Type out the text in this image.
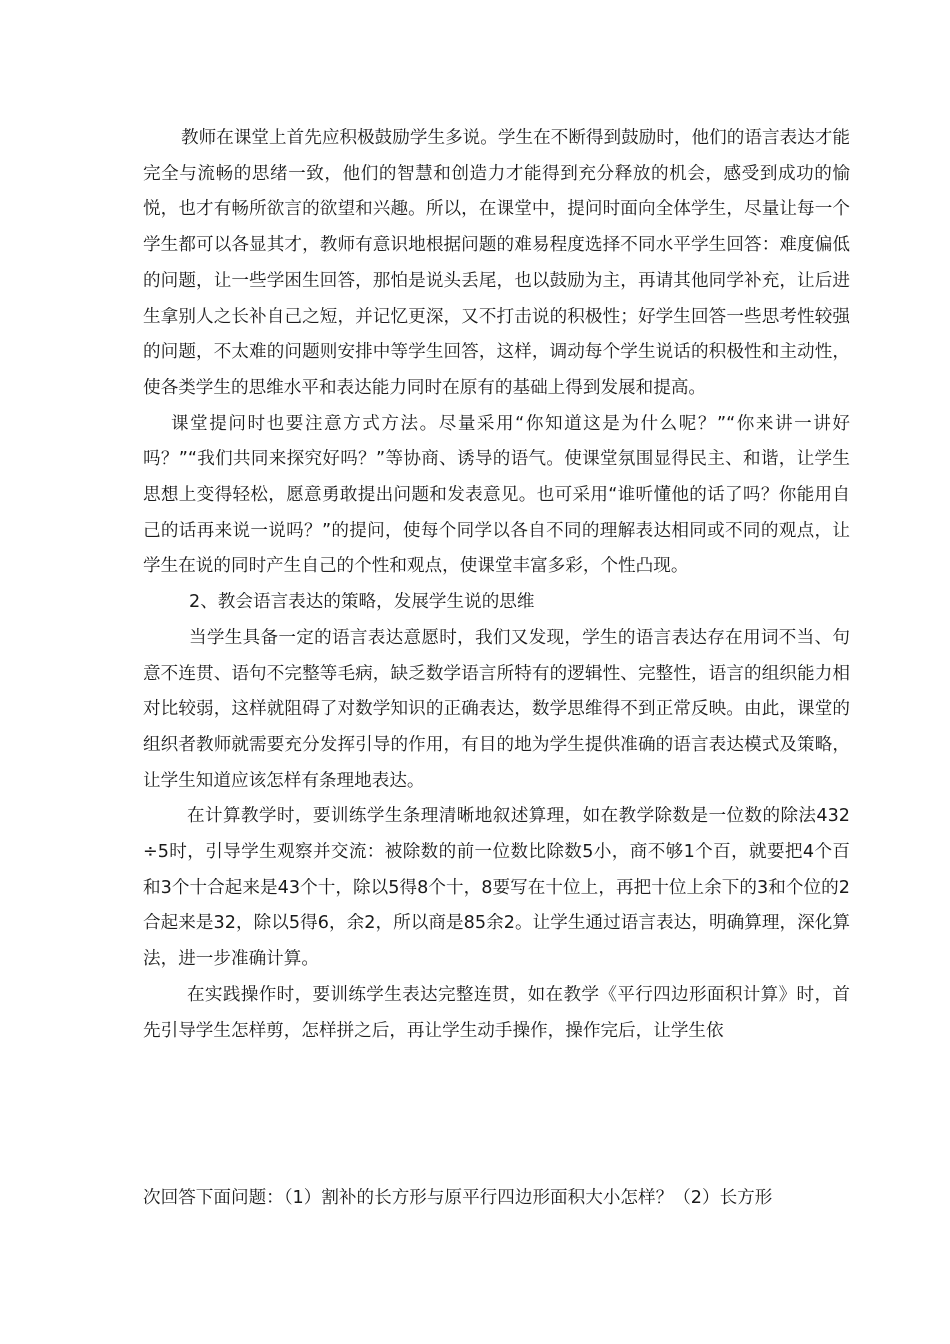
教师在课堂上首先应积极鼓励学生多说。学生在不断得到鼓励时，他们的语言表达才能完全与流畅的思绪一致，他们的智慧和创造力才能得到充分释放的机会，感受到成功的愉悦，也才有畅所欲言的欲望和兴趣。所以，在课堂中，提问时面向全体学生，尽量让每一个学生都可以各显其才，教师有意识地根据问题的难易程度选择不同水平学生回答：难度偏低的问题，让一些学困生回答，那怕是说头丢尾，也以鼓励为主，再请其他同学补充，让后进生拿别人之长补自己之短，并记忆更深，又不打击说的积极性；好学生回答一些思考性较强的问题，不太难的问题则安排中等学生回答，这样，调动每个学生说话的积极性和主动性，使各类学生的思维水平和表达能力同时在原有的基础上得到发展和提高。

课堂提问时也要注意方式方法。尽量采用“你知道这是为什么呢？”“你来讲一讲好吗？”“我们共同来探究好吗？”等协商、诱导的语气。使课堂氛围显得民主、和谐，让学生思想上变得轻松，愿意勇敢提出问题和发表意见。也可采用“谁听懂他的话了吗？你能用自己的话再来说一说吗？”的提问，使每个同学以各自不同的理解表达相同或不同的观点，让学生在说的同时产生自己的个性和观点，使课堂丰富多彩，个性凸现。

2、教会语言表达的策略，发展学生说的思维

当学生具备一定的语言表达意愿时，我们又发现，学生的语言表达存在用词不当、句意不连贯、语句不完整等毛病，缺乏数学语言所特有的逻辑性、完整性，语言的组织能力相对比较弱，这样就阻碍了对数学知识的正确表达，数学思维得不到正常反映。由此，课堂的组织者教师就需要充分发挥引导的作用，有目的地为学生提供准确的语言表达模式及策略，让学生知道应该怎样有条理地表达。

在计算教学时，要训练学生条理清晰地叙述算理，如在教学除数是一位数的除法432÷5时，引导学生观察并交流：被除数的前一位数比除数5小，商不够1个百，就要把4个百和3个十合起来是43个十，除以5得8个十，8要写在十位上，再把十位上余下的3和个位的2合起来是32，除以5得6，余2，所以商是85余2。让学生通过语言表达，明确算理，深化算法，进一步准确计算。

在实践操作时，要训练学生表达完整连贯，如在教学《平行四边形面积计算》时，首先引导学生怎样剪，怎样拼之后，再让学生动手操作，操作完后，让学生依

次回答下面问题：（1）割补的长方形与原平行四边形面积大小怎样？（2）长方形
